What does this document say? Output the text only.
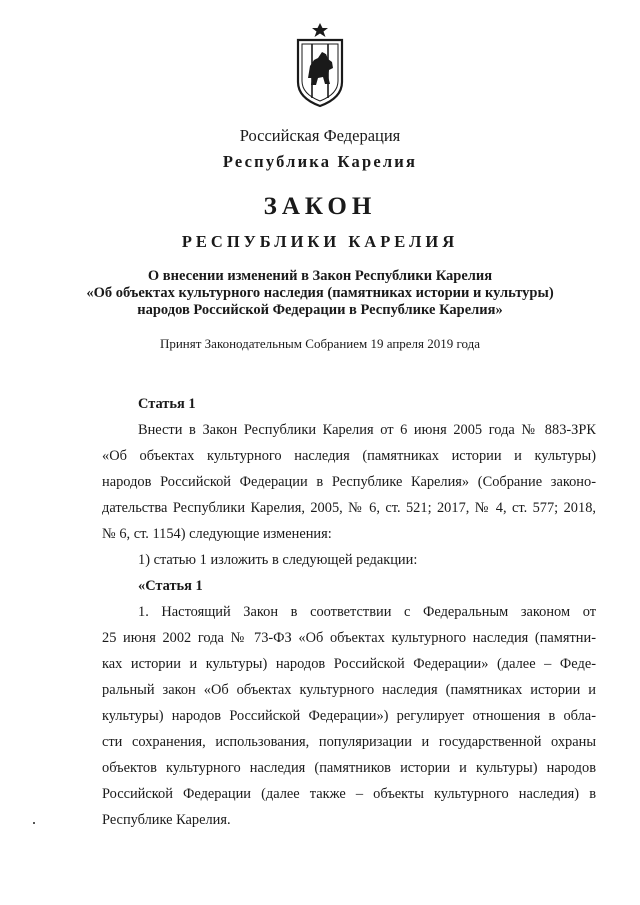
Российская Федерация
Республика Карелия
ЗАКОН
РЕСПУБЛИКИ КАРЕЛИЯ
О внесении изменений в Закон Республики Карелия
«Об объектах культурного наследия (памятниках истории и культуры)
народов Российской Федерации в Республике Карелия»
Принят Законодательным Собранием 19 апреля 2019 года
Статья 1
Внести в Закон Республики Карелия от 6 июня 2005 года № 883-ЗРК
«Об объектах культурного наследия (памятниках истории и культуры)
народов Российской Федерации в Республике Карелия» (Собрание законо-
дательства Республики Карелия, 2005, № 6, ст. 521; 2017, № 4, ст. 577; 2018,
№ 6, ст. 1154) следующие изменения:
1) статью 1 изложить в следующей редакции:
«Статья 1
1. Настоящий Закон в соответствии с Федеральным законом от
25 июня 2002 года № 73-ФЗ «Об объектах культурного наследия (памятни-
ках истории и культуры) народов Российской Федерации» (далее – Феде-
ральный закон «Об объектах культурного наследия (памятниках истории и
культуры) народов Российской Федерации») регулирует отношения в обла-
сти сохранения, использования, популяризации и государственной охраны
объектов культурного наследия (памятников истории и культуры) народов
Российской Федерации (далее также – объекты культурного наследия) в
Республике Карелия.
